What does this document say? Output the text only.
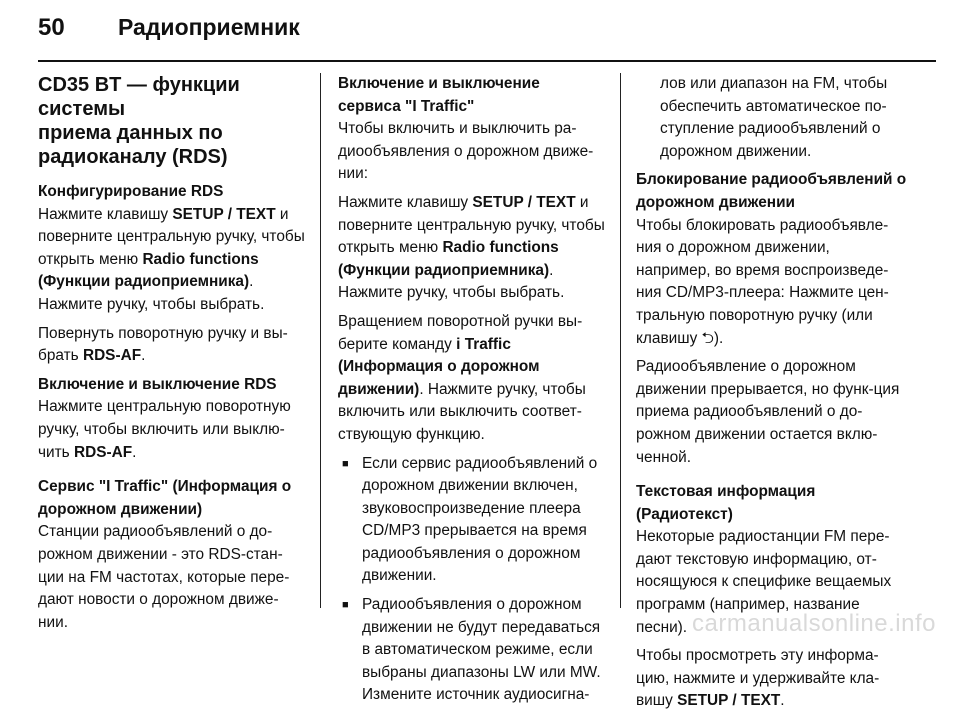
50	Радиоприемник
CD35 BT — функции системы
приема данных по
радиоканалу (RDS)
Конфигурирование RDS

Нажмите клавишу SETUP / TEXT и поверните центральную ручку, чтобы открыть меню Radio functions (Функции радиоприемника). Нажмите ручку, чтобы выбрать.

Повернуть поворотную ручку и вы-брать RDS-AF.

Включение и выключение RDS

Нажмите центральную поворотную ручку, чтобы включить или выклю-чить RDS-AF.

Сервис "I Traffic" (Информация о дорожном движении)

Станции радиообъявлений о до-рожном движении - это RDS-стан-ции на FM частотах, которые пере-дают новости о дорожном движе-нии.

Включение и выключение сервиса "I Traffic"

Чтобы включить и выключить ра-диообъявления о дорожном движе-нии:

Нажмите клавишу SETUP / TEXT и поверните центральную ручку, чтобы открыть меню Radio functions (Функции радиоприемника). Нажмите ручку, чтобы выбрать.

Вращением поворотной ручки вы-берите команду i Traffic (Информация о дорожном движении). Нажмите ручку, чтобы включить или выключить соответ-ствующую функцию.

■ Если сервис радиообъявлений о дорожном движении включен, звуковоспроизведение плеера CD/MP3 прерывается на время радиообъявления о дорожном движении.
■ Радиообъявления о дорожном движении не будут передаваться в автоматическом режиме, если выбраны диапазоны LW или MW. Измените источник аудиосигна-

лов или диапазон на FM, чтобы обеспечить автоматическое по-ступление радиообъявлений о дорожном движении.

Блокирование радиообъявлений о дорожном движении

Чтобы блокировать радиообъявле-ния о дорожном движении, например, во время воспроизведе-ния CD/MP3-плеера: Нажмите цен-тральную поворотную ручку (или клавишу ⮌).

Радиообъявление о дорожном движении прерывается, но функ-ция приема радиообъявлений о до-рожном движении остается вклю-ченной.

Текстовая информация (Радиотекст)

Некоторые радиостанции FM пере-дают текстовую информацию, от-носящуюся к специфике вещаемых программ (например, название песни).

Чтобы просмотреть эту информа-цию, нажмите и удерживайте кла-вишу SETUP / TEXT.

carmanualsonline.info
